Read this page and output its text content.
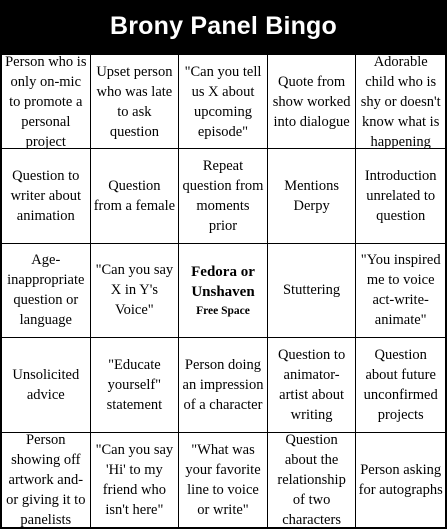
Brony Panel Bingo
Person who is only on-mic to promote a personal project
Upset person who was late to ask question
"Can you tell us X about upcoming episode"
Quote from show worked into dialogue
Adorable child who is shy or doesn't know what is happening
Question to writer about animation
Question from a female
Repeat question from moments prior
Mentions Derpy
Introduction unrelated to question
Age-inappropriate question or language
"Can you say X in Y's Voice"
Fedora or Unshaven
Free Space
Stuttering
"You inspired me to voice act-write-animate"
Unsolicited advice
"Educate yourself" statement
Person doing an impression of a character
Question to animator-artist about writing
Question about future unconfirmed projects
Person showing off artwork and-or giving it to panelists
"Can you say 'Hi' to my friend who isn't here"
"What was your favorite line to voice or write"
Question about the relationship of two characters
Person asking for autographs
